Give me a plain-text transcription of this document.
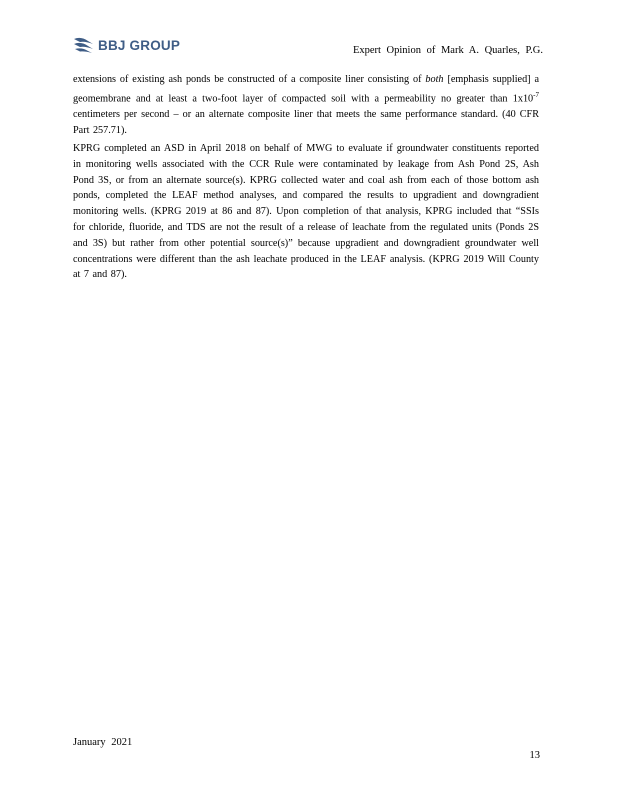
BBJ GROUP	Expert Opinion of Mark A. Quarles, P.G.

extensions of existing ash ponds be constructed of a composite liner consisting of both [emphasis supplied] a geomembrane and at least a two-foot layer of compacted soil with a permeability no greater than $1x10^{-7}$ centimeters per second – or an alternate composite liner that meets the same performance standard. (40 CFR Part 257.71).

KPRG completed an ASD in April 2018 on behalf of MWG to evaluate if groundwater constituents reported in monitoring wells associated with the CCR Rule were contaminated by leakage from Ash Pond 2S, Ash Pond 3S, or from an alternate source(s). KPRG collected water and coal ash from each of those bottom ash ponds, completed the LEAF method analyses, and compared the results to upgradient and downgradient monitoring wells. (KPRG 2019 at 86 and 87). Upon completion of that analysis, KPRG included that “SSIs for chloride, fluoride, and TDS are not the result of a release of leachate from the regulated units (Ponds 2S and 3S) but rather from other potential source(s)” because upgradient and downgradient groundwater well concentrations were different than the ash leachate produced in the LEAF analysis. (KPRG 2019 Will County at 7 and 87).

January 2021
13
